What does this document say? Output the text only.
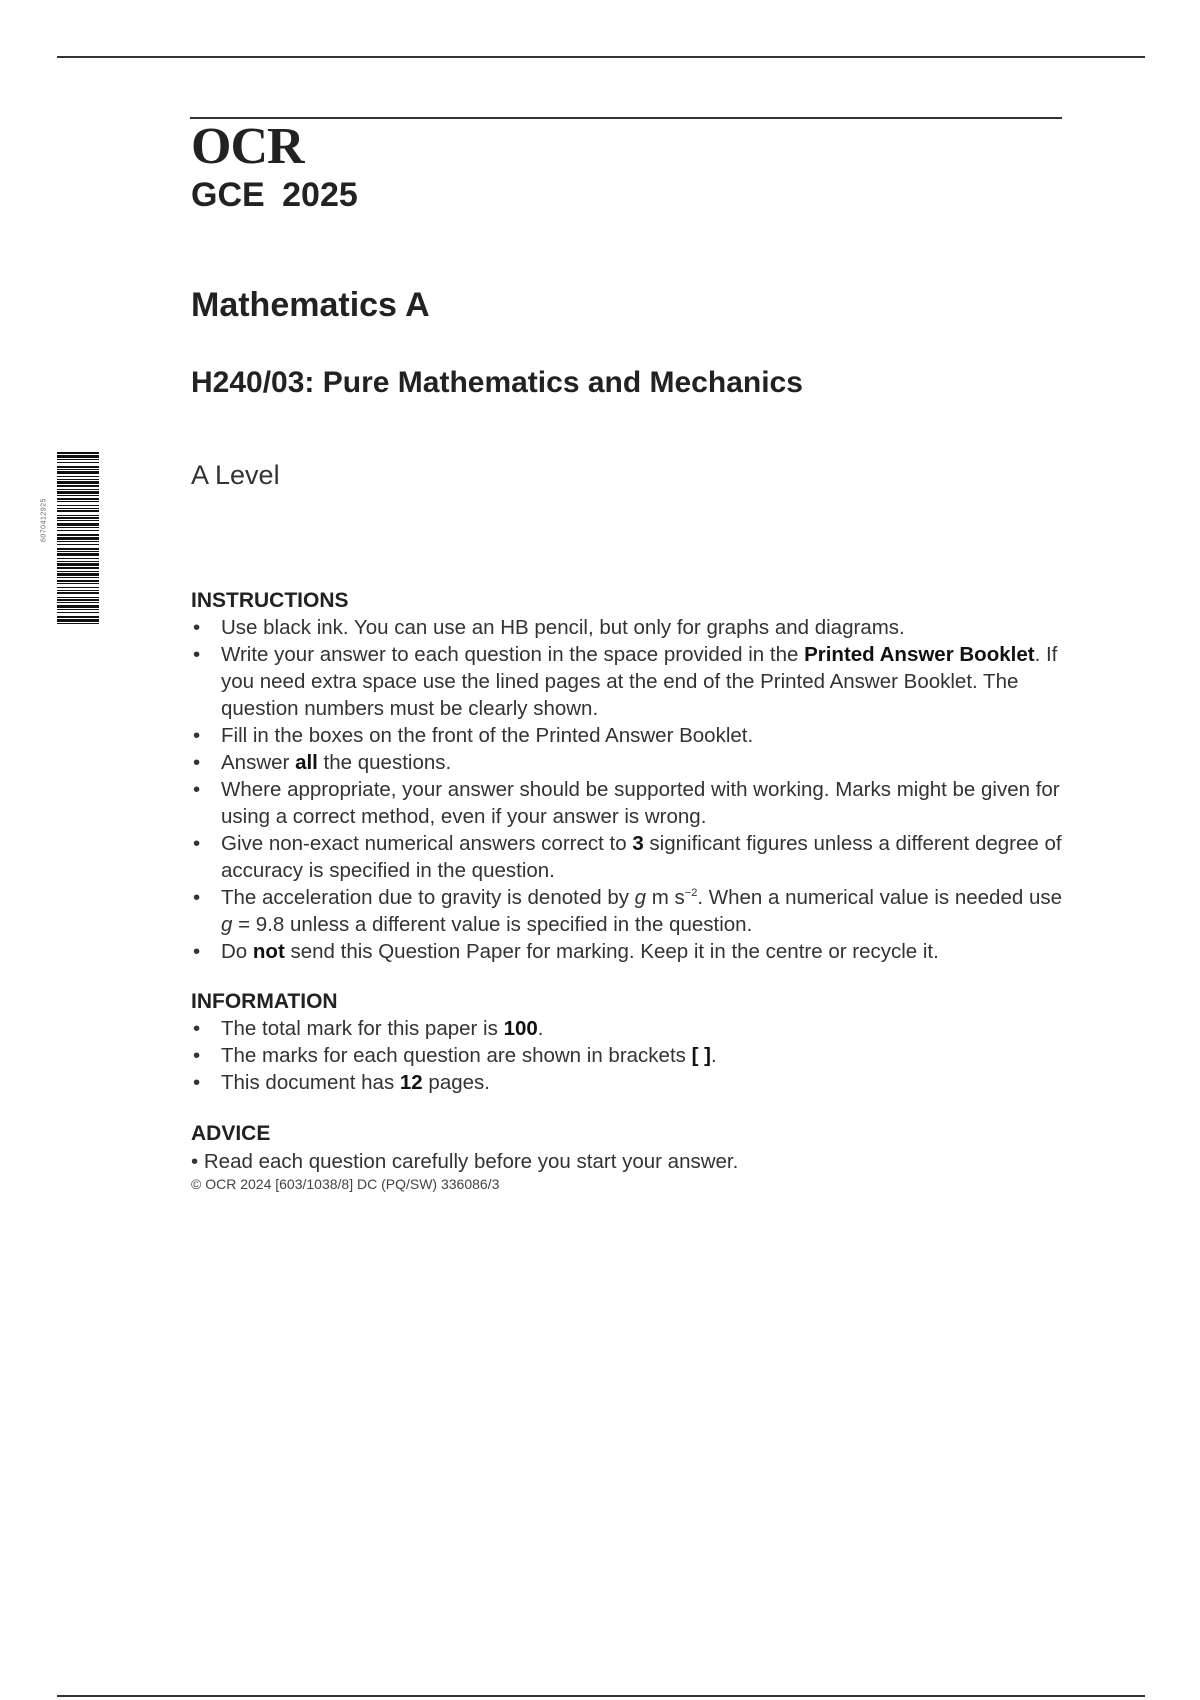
6070412925
OCR
GCE 2025
Mathematics A
H240/03: Pure Mathematics and Mechanics
A Level
INSTRUCTIONS
• Use black ink. You can use an HB pencil, but only for graphs and diagrams.
• Write your answer to each question in the space provided in the Printed Answer Booklet. If you need extra space use the lined pages at the end of the Printed Answer Booklet. The question numbers must be clearly shown.
• Fill in the boxes on the front of the Printed Answer Booklet.
• Answer all the questions.
• Where appropriate, your answer should be supported with working. Marks might be given for using a correct method, even if your answer is wrong.
• Give non-exact numerical answers correct to 3 significant figures unless a different degree of accuracy is specified in the question.
• The acceleration due to gravity is denoted by g m $s^{-2}$. When a numerical value is needed use g = 9.8 unless a different value is specified in the question.
• Do not send this Question Paper for marking. Keep it in the centre or recycle it.
INFORMATION
• The total mark for this paper is 100.
• The marks for each question are shown in brackets [ ].
• This document has 12 pages.
ADVICE
• Read each question carefully before you start your answer.
© OCR 2024 [603/1038/8] DC (PQ/SW) 336086/3
